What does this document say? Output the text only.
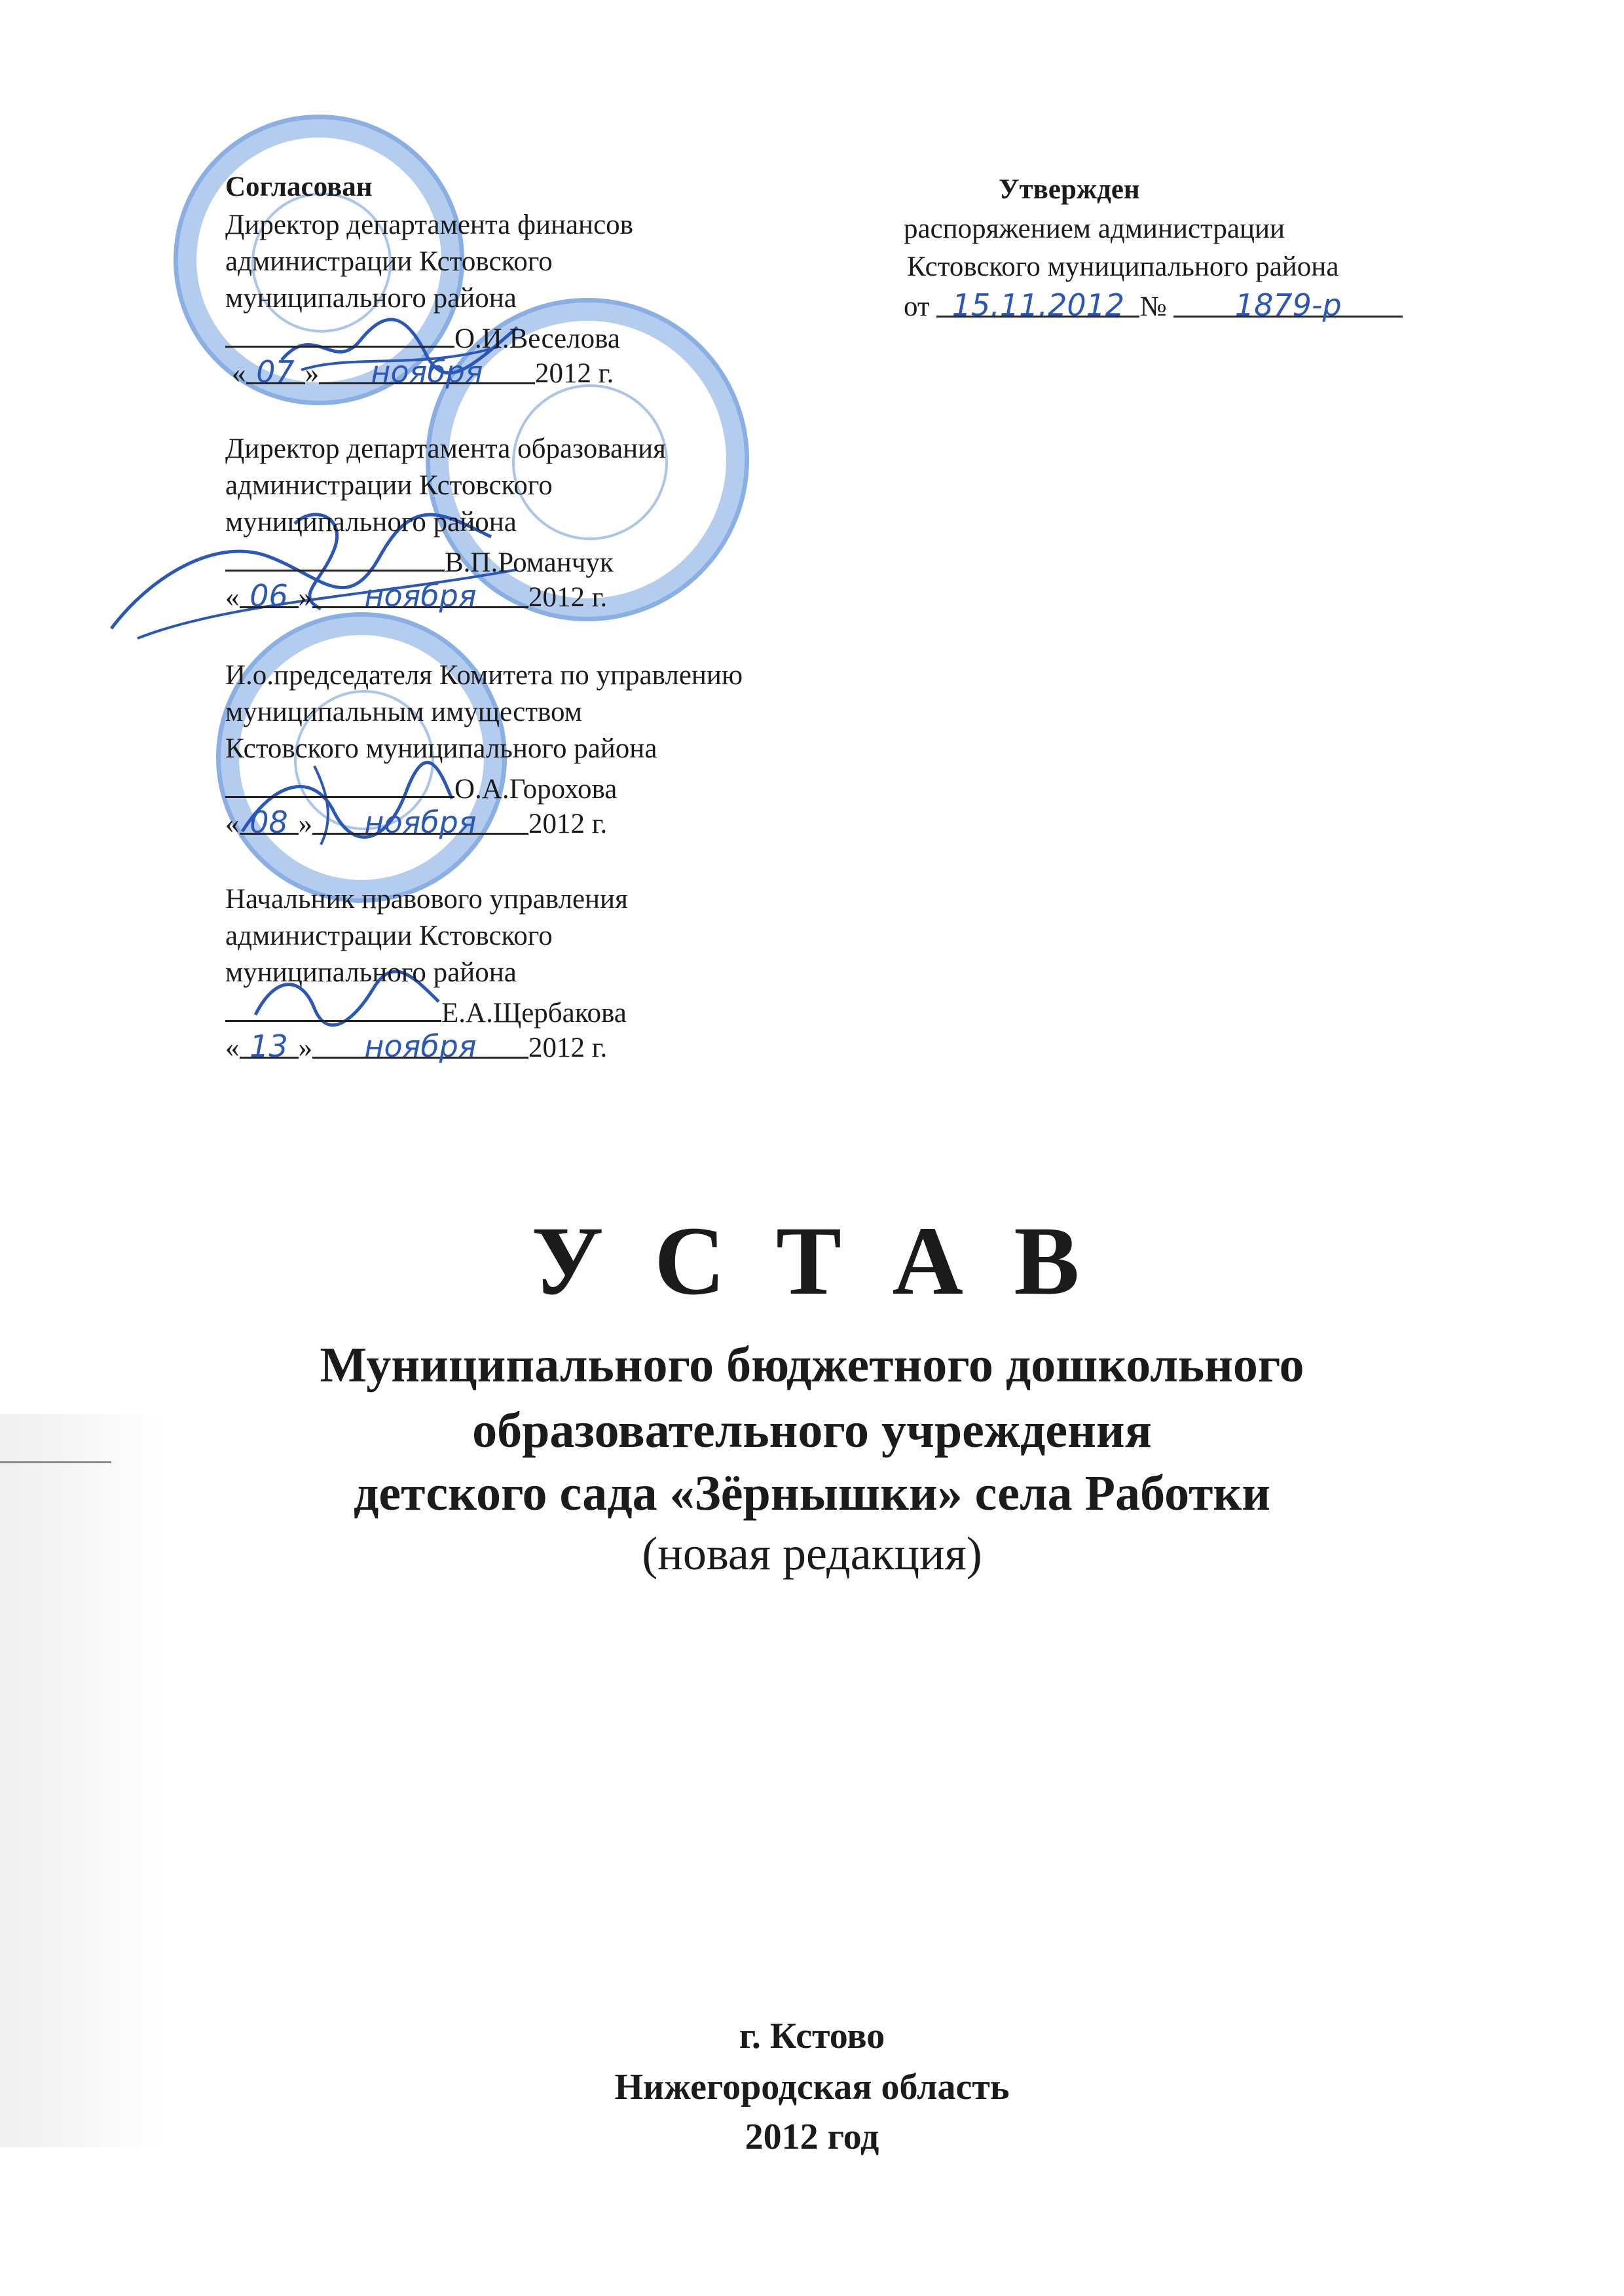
Согласован
Директор департамента финансов
администрации Кстовского
муниципального района
О.И.Веселова
« 07 » ноября 2012 г.
Директор департамента образования
администрации Кстовского
муниципального района
В.П.Романчук
« 06 » ноября 2012 г.
И.о.председателя Комитета по управлению
муниципальным имуществом
Кстовского муниципального района
О.А.Горохова
« 08 » ноября 2012 г.
Начальник правового управления
администрации Кстовского
муниципального района
Е.А.Щербакова
« 13 » ноября 2012 г.
Утвержден
распоряжением администрации
Кстовского муниципального района
от 15.11.2012 № 1879-р
У С Т А В
Муниципального бюджетного дошкольного
образовательного учреждения
детского сада «Зёрнышки» села Работки
(новая редакция)
г. Кстово
Нижегородская область
2012 год
